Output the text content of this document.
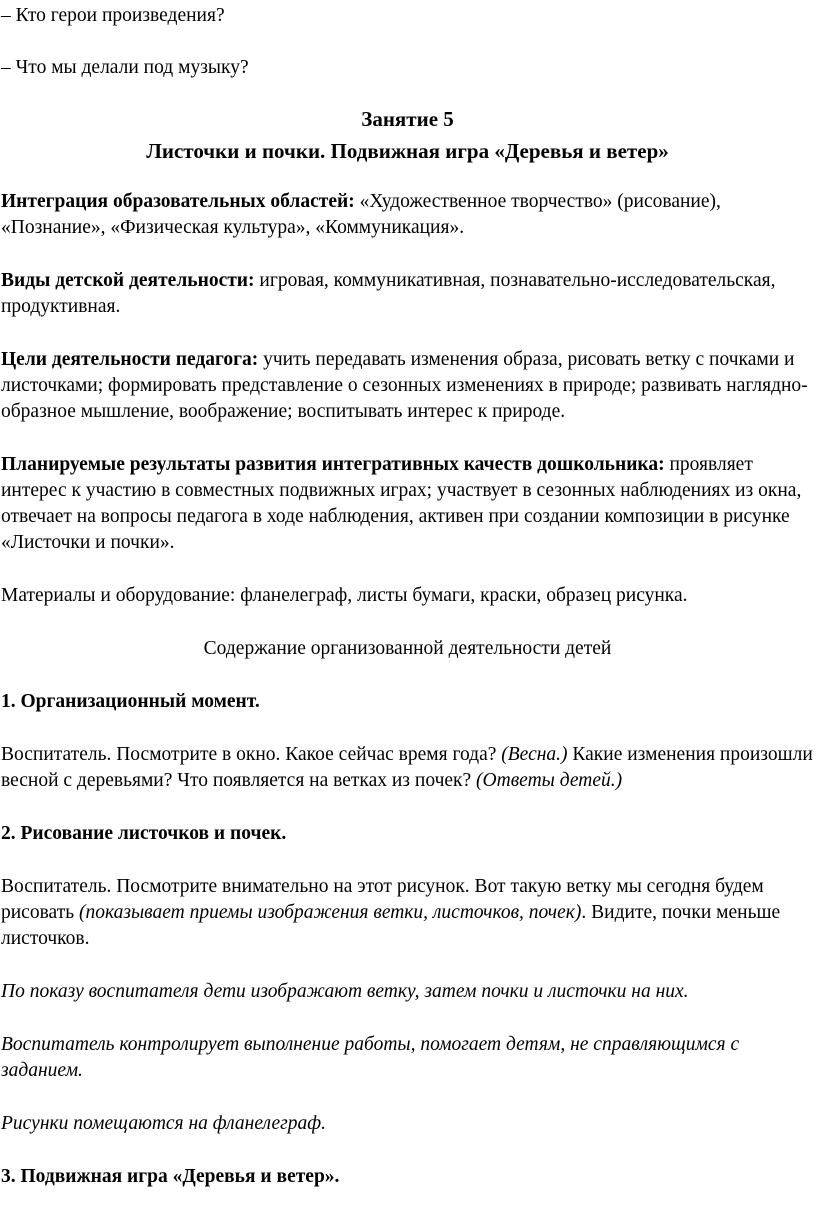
– Кто герои произведения?

– Что мы делали под музыку?

Занятие 5
Листочки и почки. Подвижная игра «Деревья и ветер»

Интеграция образовательных областей: «Художественное творчество» (рисование), «Познание», «Физическая культура», «Коммуникация».

Виды детской деятельности: игровая, коммуникативная, познавательно-исследовательская, продуктивная.

Цели деятельности педагога: учить передавать изменения образа, рисовать ветку с почками и листочками; формировать представление о сезонных изменениях в природе; развивать наглядно-образное мышление, воображение; воспитывать интерес к природе.

Планируемые результаты развития интегративных качеств дошкольника: проявляет интерес к участию в совместных подвижных играх; участвует в сезонных наблюдениях из окна, отвечает на вопросы педагога в ходе наблюдения, активен при создании композиции в рисунке «Листочки и почки».

Материалы и оборудование: фланелеграф, листы бумаги, краски, образец рисунка.

Содержание организованной деятельности детей

1. Организационный момент.

Воспитатель. Посмотрите в окно. Какое сейчас время года? (Весна.) Какие изменения произошли весной с деревьями? Что появляется на ветках из почек? (Ответы детей.)

2. Рисование листочков и почек.

Воспитатель. Посмотрите внимательно на этот рисунок. Вот такую ветку мы сегодня будем рисовать (показывает приемы изображения ветки, листочков, почек). Видите, почки меньше листочков.

По показу воспитателя дети изображают ветку, затем почки и листочки на них.

Воспитатель контролирует выполнение работы, помогает детям, не справляющимся с заданием.

Рисунки помещаются на фланелеграф.

3. Подвижная игра «Деревья и ветер».
